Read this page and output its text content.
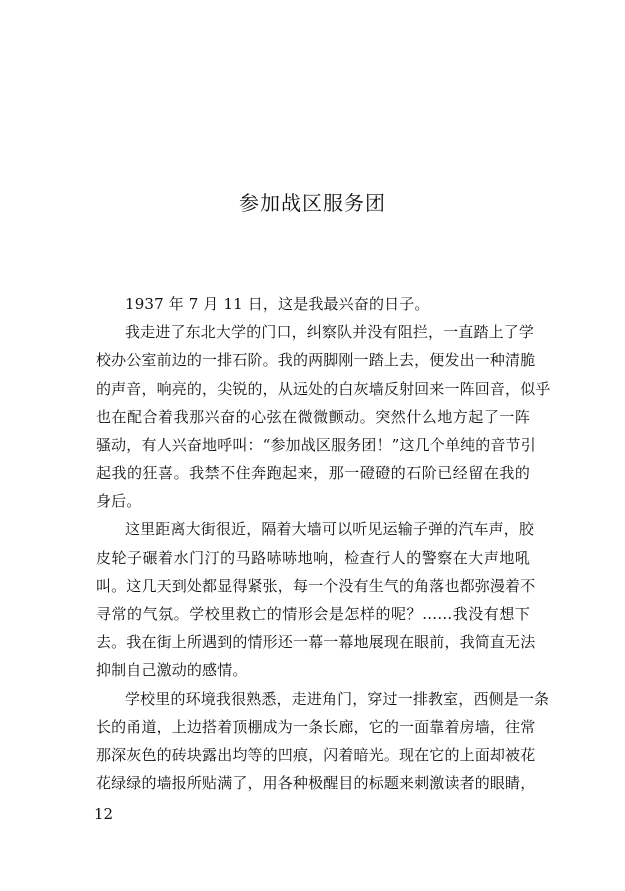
参加战区服务团
1937 年 7 月 11 日，这是我最兴奋的日子。
我走进了东北大学的门口，纠察队并没有阻拦，一直踏上了学
校办公室前边的一排石阶。我的两脚刚一踏上去，便发出一种清脆
的声音，响亮的，尖锐的，从远处的白灰墙反射回来一阵回音，似乎
也在配合着我那兴奋的心弦在微微颤动。突然什么地方起了一阵
骚动，有人兴奋地呼叫：“参加战区服务团！”这几个单纯的音节引
起我的狂喜。我禁不住奔跑起来，那一磴磴的石阶已经留在我的
身后。
这里距离大街很近，隔着大墙可以听见运输子弹的汽车声，胶
皮轮子碾着水门汀的马路哧哧地响，检查行人的警察在大声地吼
叫。这几天到处都显得紧张，每一个没有生气的角落也都弥漫着不
寻常的气氛。学校里救亡的情形会是怎样的呢？……我没有想下
去。我在街上所遇到的情形还一幕一幕地展现在眼前，我简直无法
抑制自己激动的感情。
学校里的环境我很熟悉，走进角门，穿过一排教室，西侧是一条
长的甬道，上边搭着顶棚成为一条长廊，它的一面靠着房墙，往常
那深灰色的砖块露出均等的凹痕，闪着暗光。现在它的上面却被花
花绿绿的墙报所贴满了，用各种极醒目的标题来刺激读者的眼睛，
12
